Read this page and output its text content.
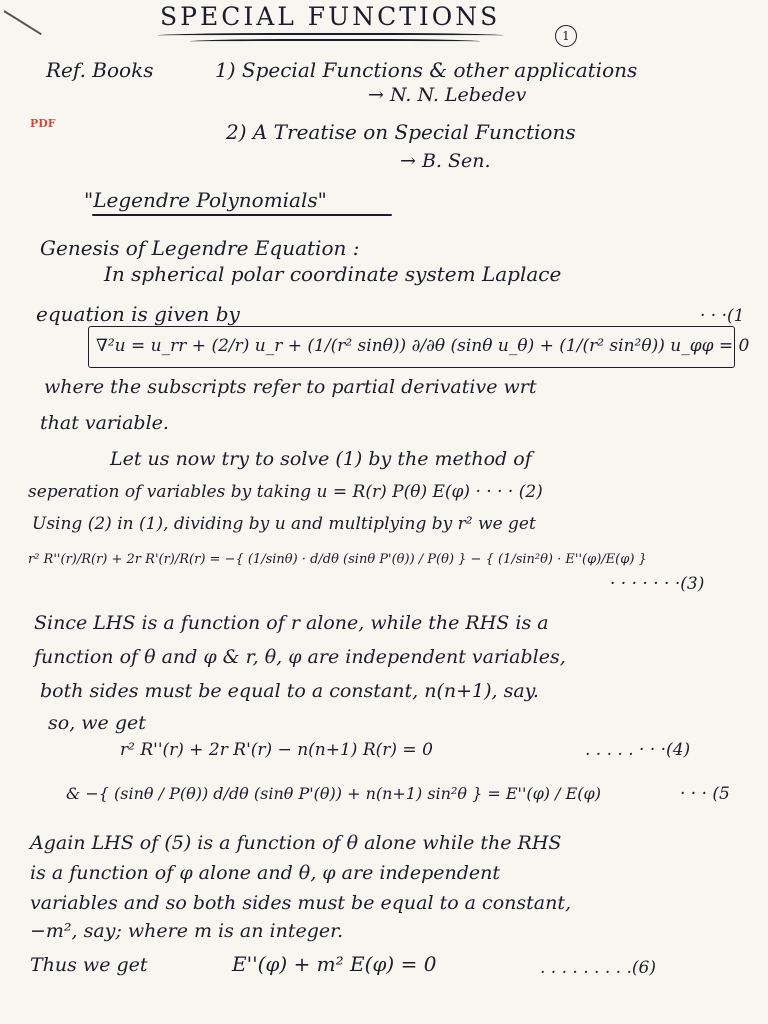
SPECIAL FUNCTIONS
1
Ref. Books	1) Special Functions & other applications
→ N. N. Lebedev
PDF	2) A Treatise on Special Functions
→ B. Sen.
"Legendre Polynomials"
Genesis of Legendre Equation :
In spherical polar coordinate system Laplace
equation is given by
∇²u = u_rr + (2/r) u_r + (1/(r² sinθ)) ∂/∂θ (sinθ u_θ) + (1/(r² sin²θ)) u_φφ = 0
· · ·(1
where the subscripts refer to partial derivative wrt
that variable.
Let us now try to solve (1) by the method of
seperation of variables by taking u = R(r) P(θ) E(φ) · · · · (2)
Using (2) in (1), dividing by u and multiplying by r² we get
r² R''(r)/R(r) + 2r R'(r)/R(r) = −{ (1/sinθ) · d/dθ (sinθ P'(θ)) / P(θ) } − { (1/sin²θ) · E''(φ)/E(φ) }
· · · · · · ·(3)
Since LHS is a function of r alone, while the RHS is a
function of θ and φ & r, θ, φ are independent variables,
both sides must be equal to a constant, n(n+1), say.
so, we get
r² R''(r) + 2r R'(r) − n(n+1) R(r) = 0	. . . . . · · ·(4)
& −{ (sinθ / P(θ)) d/dθ (sinθ P'(θ)) + n(n+1) sin²θ } = E''(φ) / E(φ)	· · · (5
Again LHS of (5) is a function of θ alone while the RHS
is a function of φ alone and θ, φ are independent
variables and so both sides must be equal to a constant,
−m², say; where m is an integer.
Thus we get	E''(φ) + m² E(φ) = 0	. . . . . . . . .(6)
